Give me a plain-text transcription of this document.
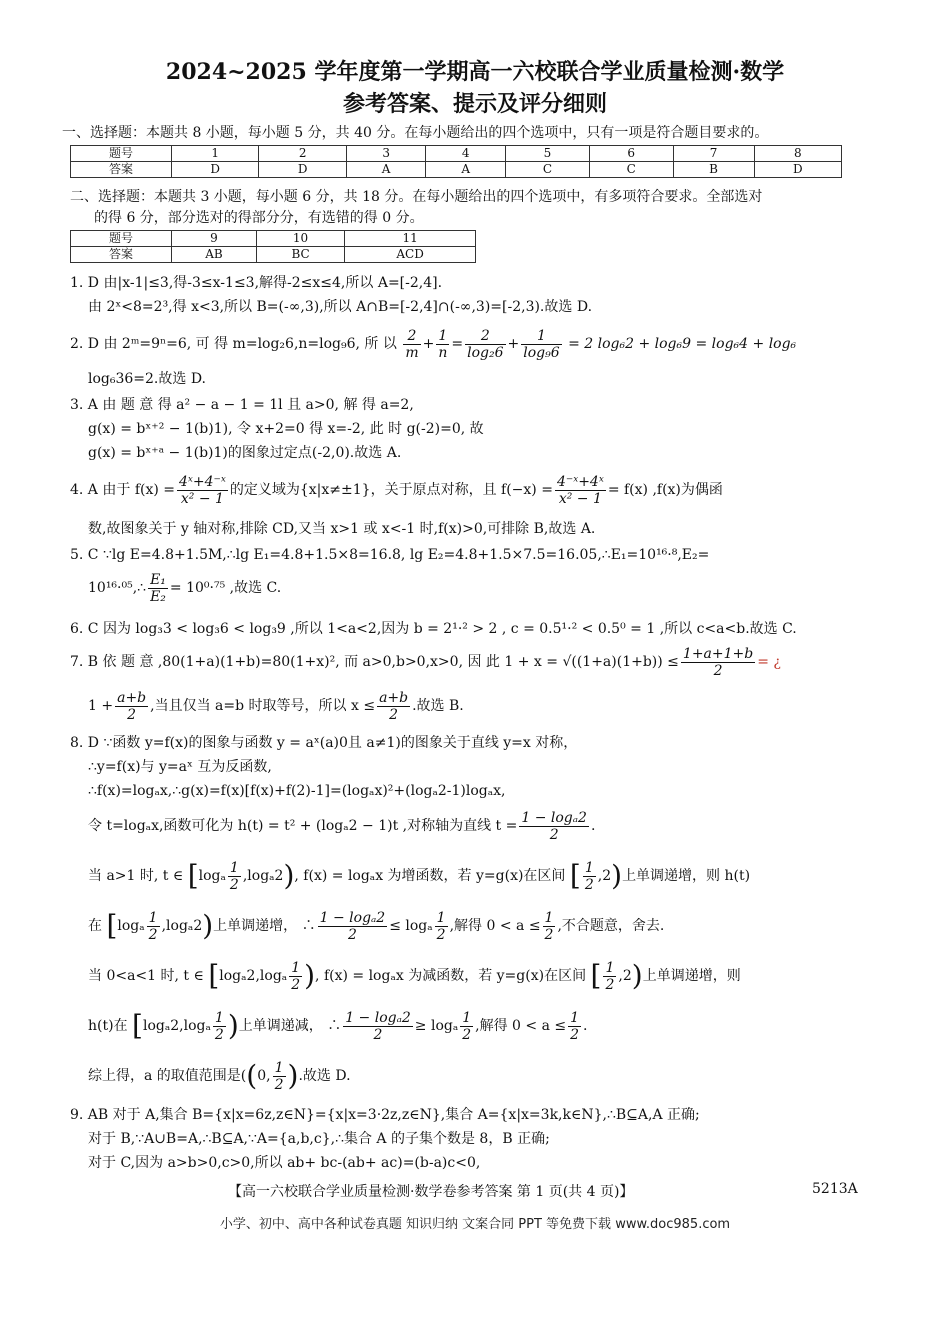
2024~2025 学年度第一学期高一六校联合学业质量检测·数学
参考答案、提示及评分细则
一、选择题：本题共 8 小题，每小题 5 分，共 40 分。在每小题给出的四个选项中，只有一项是符合题目要求的。
题号	1	2	3	4	5	6	7	8
答案	D	D	A	A	C	C	B	D
二、选择题：本题共 3 小题，每小题 6 分，共 18 分。在每小题给出的四个选项中，有多项符合要求。全部选对
的得 6 分，部分选对的得部分分，有选错的得 0 分。
题号	9	10	11
答案	AB	BC	ACD
1. D 由|x-1|≤3,得-3≤x-1≤3,解得-2≤x≤4,所以 A=[-2,4].
由 2ˣ<8=2³,得 x<3,所以 B=(-∞,3),所以 A∩B=[-2,4]∩(-∞,3)=[-2,3).故选 D.
2. D 由 2ᵐ=9ⁿ=6, 可 得 m=log₂6,n=log₉6, 所 以 $\frac{2}{m} + \frac{1}{n} = \frac{2}{\text{log₂6}} + \frac{1}{\text{log₉6}} = 2$ log₆2 + log₆9 = log₆4 + log₆
log₆36=2.故选 D.
3. A 由 题 意 得 a² − a − 1 = 1l 且 a>0, 解 得 a=2,
g(x) = bˣ⁺² − 1(b)1), 令 x+2=0 得 x=-2, 此 时 g(-2)=0, 故
g(x) = bˣ⁺ᵃ − 1(b)1)的图象过定点(-2,0).故选 A.
4. A 由于 $f(x) = \frac{\text{4ˣ+4⁻ˣ}}{\text{x² − 1}}$ 的定义域为{x|x≠±1}，关于原点对称，且 $f(-x) = \frac{\text{4⁻ˣ+4ˣ}}{\text{x² − 1}} = f(x)$ ,f(x)为偶函
数,故图象关于 y 轴对称,排除 CD,又当 x>1 或 x<-1 时,f(x)>0,可排除 B,故选 A.
5. C ∵lg E=4.8+1.5M,∴lg E₁=4.8+1.5×8=16.8, lg E₂=4.8+1.5×7.5=16.05,∴E₁=10¹⁶·⁸,E₂=
10¹⁶·⁰⁵,∴ $\frac{\text{E₁}}{\text{E₂}} = 10^0\cdot^{75}$ ,故选 C.
6. C 因为 log₃3 < log₃6 < log₃9 ,所以 1<a<2,因为 b = 2¹·² > 2 , c = 0.5¹·² < 0.5⁰ = 1 ,所以 c<a<b.故选 C.
7. B 依 题 意 ,80(1+a)(1+b)=80(1+x)², 而 a>0,b>0,x>0, 因 此 $1 + x = √((1+a)(1+b)) \le \frac{1+a+1+b}{2}$ = ¿
$1 + \frac{a+b}{2}$ ,当且仅当 a=b 时取等号，所以 $x \le \frac{a+b}{2}$ .故选 B.
8. D ∵函数 y=f(x)的图象与函数 y = aˣ(a)0且 a≠1)的图象关于直线 y=x 对称，
∴y=f(x)与 y=aˣ 互为反函数,
∴f(x)=logₐx,∴g(x)=f(x)[f(x)+f(2)-1]=(logₐx)²+(logₐ2-1)logₐx,
令 t=logₐx,函数可化为 h(t) = t² + (logₐ2 − 1)t ,对称轴为直线 $t = \frac{\text{1 − logₐ2}}{2}$ .
当 a>1 时, t ∈ $[\log_a \frac{1}{2} ,\log_a2)$, f(x) = logₐx 为增函数，若 y=g(x)在区间 [ $\frac{1}{2} ,2$)上单调递增，则 h(t)
在 $[\log_a \frac{1}{2} ,\log_a2)$上单调递增， ∴ $\frac{\text{1 − logₐ2}}{2} \le \log_a \frac{1}{2}$ ,解得 $0 < a \le \frac{1}{2}$ ,不合题意，舍去.
当 0<a<1 时, t ∈ [$\log_a2,\log_a \frac{1}{2}$ ), f(x) = logₐx 为减函数，若 y=g(x)在区间 [ $\frac{1}{2} ,2$)上单调递增，则
h(t)在 [$\log_a2,\log_a \frac{1}{2}$ )上单调递减， ∴ $\frac{\text{1 − logₐ2}}{2} \ge \log_a \frac{1}{2}$ ,解得 $0 < a \le \frac{1}{2}$ .
综上得，a 的取值范围是((0, $\frac{1}{2}$ ).故选 D.
9. AB 对于 A,集合 B={x|x=6z,z∈N}={x|x=3·2z,z∈N},集合 A={x|x=3k,k∈N},∴B⊆A,A 正确;
对于 B,∵A∪B=A,∴B⊆A,∵A={a,b,c},∴集合 A 的子集个数是 8，B 正确;
对于 C,因为 a>b>0,c>0,所以 ab+ bc-(ab+ ac)=(b-a)c<0,
【高一六校联合学业质量检测·数学卷参考答案 第 1 页(共 4 页)】	5213A
小学、初中、高中各种试卷真题 知识归纳 文案合同 PPT 等免费下载 www.doc985.com
